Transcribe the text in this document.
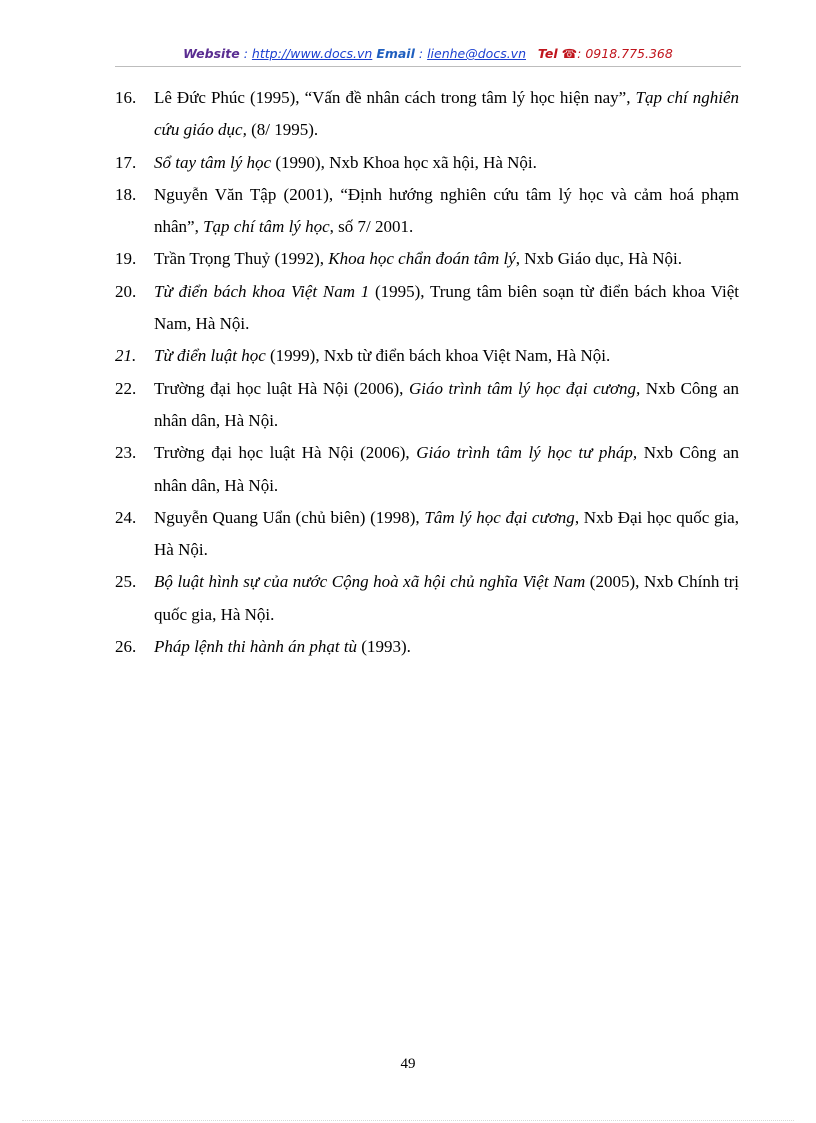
Website : http://www.docs.vn Email : lienhe@docs.vn Tel ☎: 0918.775.368

16. Lê Đức Phúc (1995), “Vấn đề nhân cách trong tâm lý học hiện nay”, Tạp chí nghiên cứu giáo dục, (8/ 1995).

17. Sổ tay tâm lý học (1990), Nxb Khoa học xã hội, Hà Nội.

18. Nguyễn Văn Tập (2001), “Định hướng nghiên cứu tâm lý học và cảm hoá phạm nhân”, Tạp chí tâm lý học, số 7/ 2001.

19. Trần Trọng Thuỷ (1992), Khoa học chẩn đoán tâm lý, Nxb Giáo dục, Hà Nội.

20. Từ điển bách khoa Việt Nam 1 (1995), Trung tâm biên soạn từ điển bách khoa Việt Nam, Hà Nội.

21. Từ điển luật học (1999), Nxb từ điển bách khoa Việt Nam, Hà Nội.

22. Trường đại học luật Hà Nội (2006), Giáo trình tâm lý học đại cương, Nxb Công an nhân dân, Hà Nội.

23. Trường đại học luật Hà Nội (2006), Giáo trình tâm lý học tư pháp, Nxb Công an nhân dân, Hà Nội.

24. Nguyễn Quang Uẩn (chủ biên) (1998), Tâm lý học đại cương, Nxb Đại học quốc gia, Hà Nội.

25. Bộ luật hình sự của nước Cộng hoà xã hội chủ nghĩa Việt Nam (2005), Nxb Chính trị quốc gia, Hà Nội.

26. Pháp lệnh thi hành án phạt tù (1993).

49
